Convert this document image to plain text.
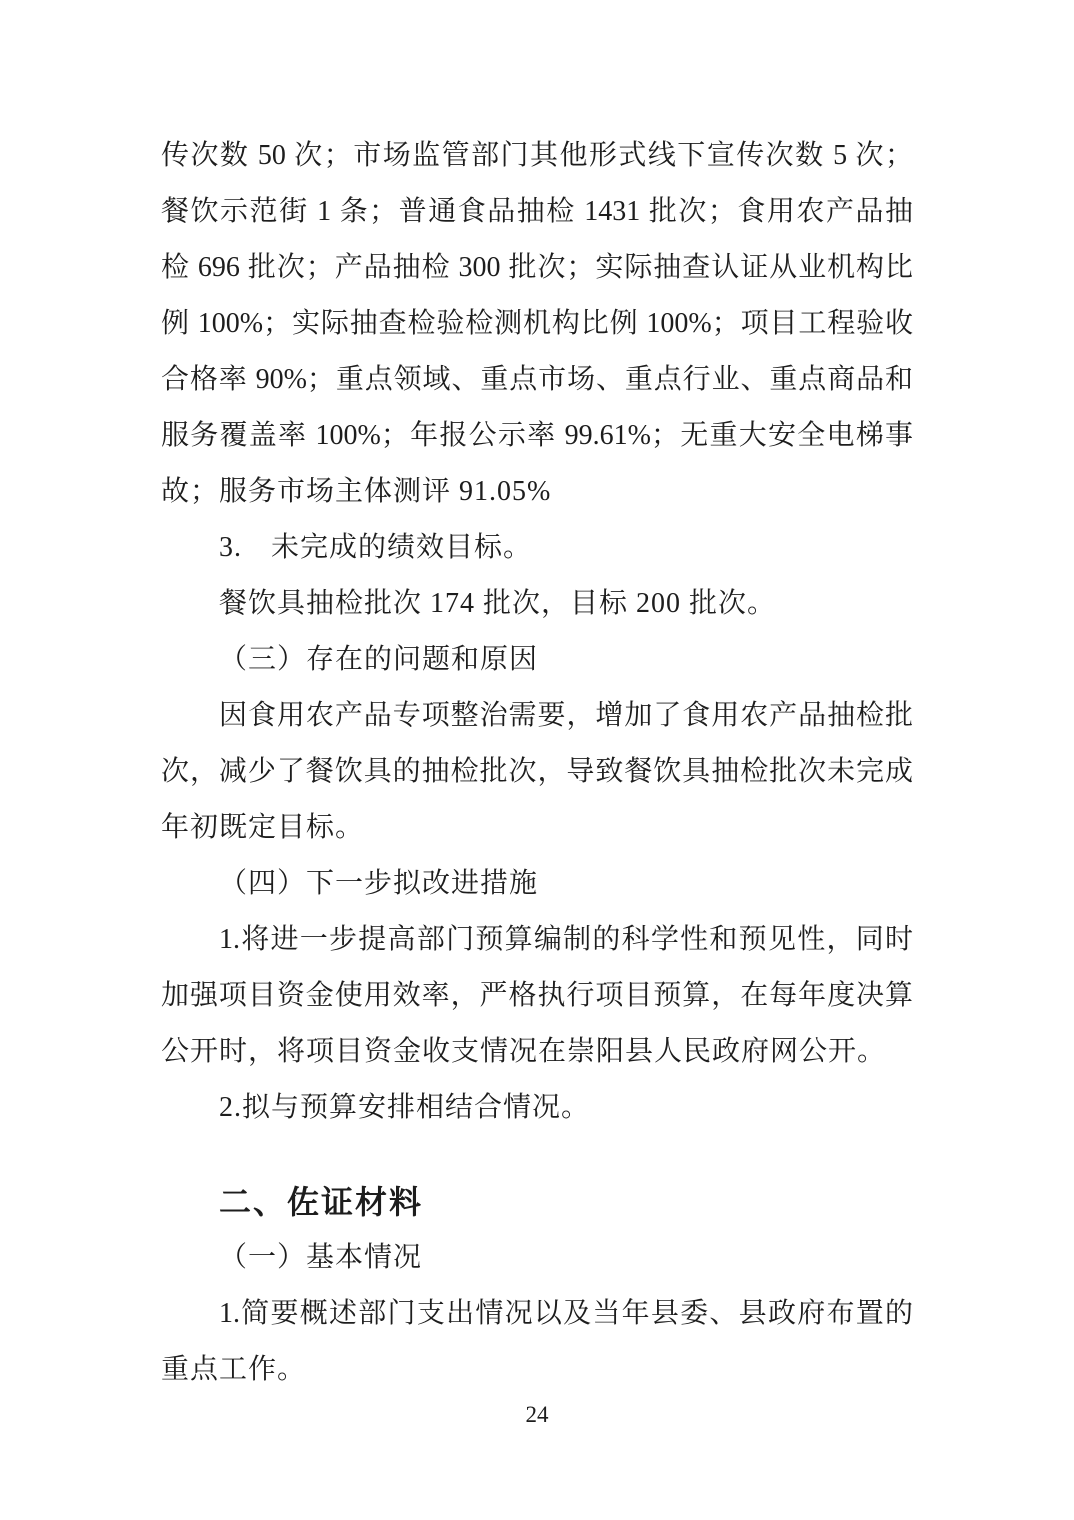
传次数 50 次；市场监管部门其他形式线下宣传次数 5 次；
餐饮示范街 1 条；普通食品抽检 1431 批次；食用农产品抽
检 696 批次；产品抽检 300 批次；实际抽查认证从业机构比
例 100%；实际抽查检验检测机构比例 100%；项目工程验收
合格率 90%；重点领域、重点市场、重点行业、重点商品和
服务覆盖率 100%；年报公示率 99.61%；无重大安全电梯事
故；服务市场主体测评 91.05%
3.　未完成的绩效目标。
餐饮具抽检批次 174 批次，目标 200 批次。
（三）存在的问题和原因
因食用农产品专项整治需要，增加了食用农产品抽检批
次，减少了餐饮具的抽检批次，导致餐饮具抽检批次未完成
年初既定目标。
（四）下一步拟改进措施
1.将进一步提高部门预算编制的科学性和预见性，同时
加强项目资金使用效率，严格执行项目预算，在每年度决算
公开时，将项目资金收支情况在崇阳县人民政府网公开。
2.拟与预算安排相结合情况。
二、佐证材料
（一）基本情况
1.简要概述部门支出情况以及当年县委、县政府布置的
重点工作。
24
